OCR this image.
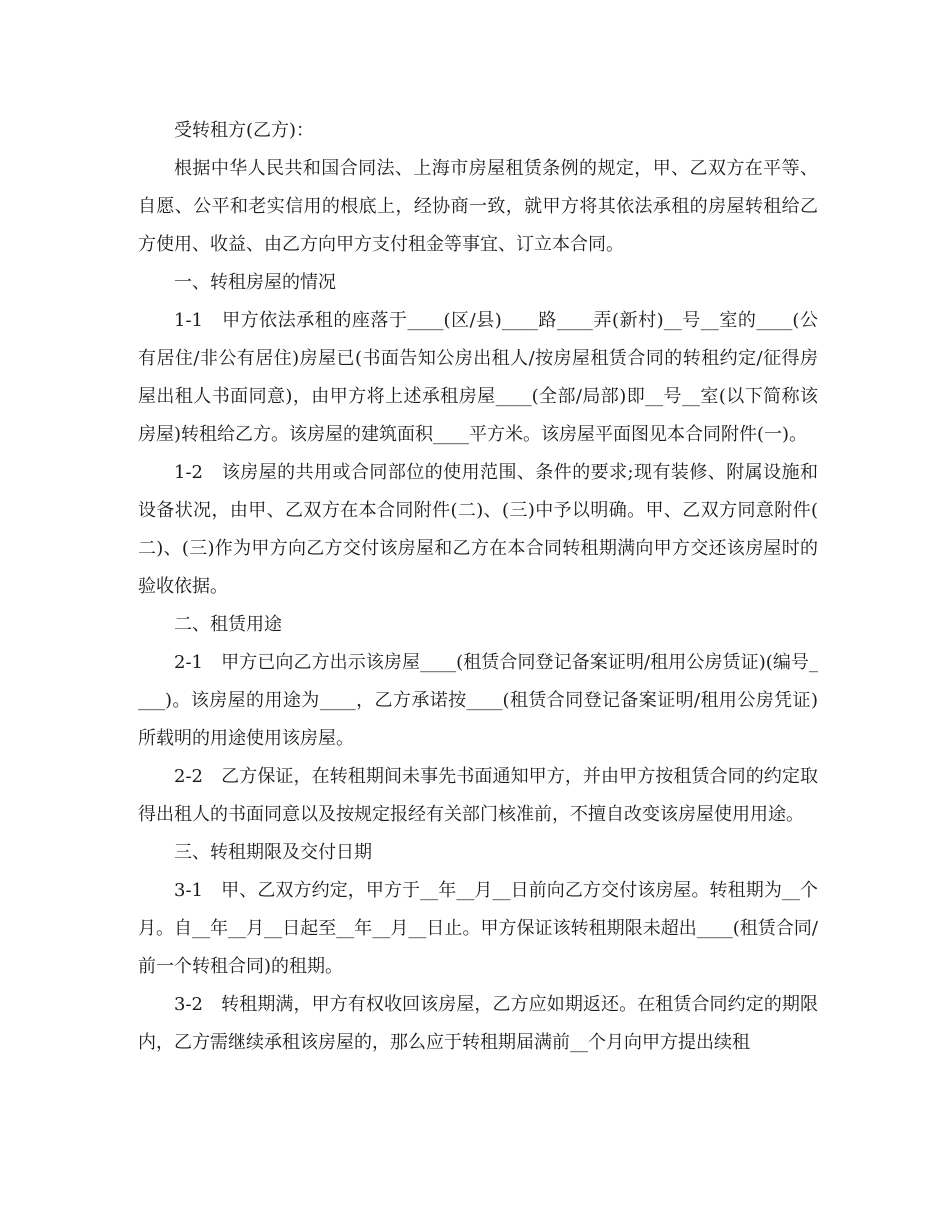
受转租方(乙方)：

根据中华人民共和国合同法、上海市房屋租赁条例的规定，甲、乙双方在平等、自愿、公平和老实信用的根底上，经协商一致，就甲方将其依法承租的房屋转租给乙方使用、收益、由乙方向甲方支付租金等事宜、订立本合同。

一、转租房屋的情况

1-1　甲方依法承租的座落于____(区/县)____路____弄(新村)__号__室的____(公有居住/非公有居住)房屋已(书面告知公房出租人/按房屋租赁合同的转租约定/征得房屋出租人书面同意)，由甲方将上述承租房屋____(全部/局部)即__号__室(以下简称该房屋)转租给乙方。该房屋的建筑面积____平方米。该房屋平面图见本合同附件(一)。

1-2　该房屋的共用或合同部位的使用范围、条件的要求;现有装修、附属设施和设备状况，由甲、乙双方在本合同附件(二)、(三)中予以明确。甲、乙双方同意附件(二)、(三)作为甲方向乙方交付该房屋和乙方在本合同转租期满向甲方交还该房屋时的验收依据。

二、租赁用途

2-1　甲方已向乙方出示该房屋____(租赁合同登记备案证明/租用公房赁证)(编号____)。该房屋的用途为____，乙方承诺按____(租赁合同登记备案证明/租用公房凭证)所载明的用途使用该房屋。

2-2　乙方保证，在转租期间未事先书面通知甲方，并由甲方按租赁合同的约定取得出租人的书面同意以及按规定报经有关部门核准前，不擅自改变该房屋使用用途。

三、转租期限及交付日期

3-1　甲、乙双方约定，甲方于__年__月__日前向乙方交付该房屋。转租期为__个月。自__年__月__日起至__年__月__日止。甲方保证该转租期限未超出____(租赁合同/前一个转租合同)的租期。

3-2　转租期满，甲方有权收回该房屋，乙方应如期返还。在租赁合同约定的期限内，乙方需继续承租该房屋的，那么应于转租期届满前__个月向甲方提出续租
